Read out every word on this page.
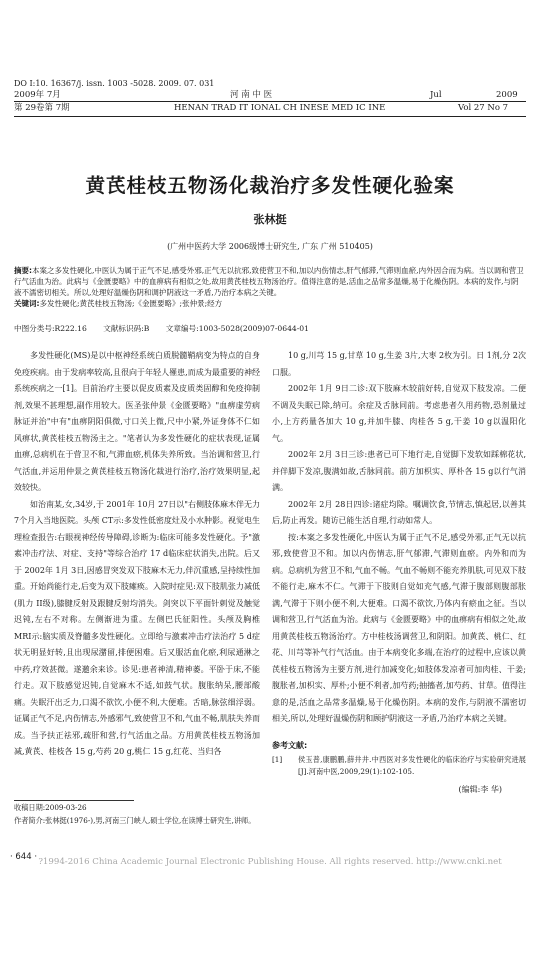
DO I:10. 16367/j. issn. 1003 -5028. 2009. 07. 031
2009年 7月	河 南 中 医	Jul	2009
第 29卷第 7期	HENAN TRAD IT IONAL CH INESE MED IC INE	Vol 27 No 7
黄芪桂枝五物汤化裁治疗多发性硬化验案
张林挺
(广州中医药大学 2006级博士研究生, 广东 广州 510405)

摘要:本案之多发性硬化,中医认为属于正气不足,感受外邪,正气无以抗邪,致使营卫不和,加以内伤情志,肝气郁滞,气滞则血瘀,内外因合而为病。当以调和营卫行气活血为治。此病与《金匮要略》中的血痹病有相似之处,故用黄芪桂枝五物汤治疗。值得注意的是,活血之品常多温燥,易于化燥伤阴。本病的发作,与阴液不濡密切相关。所以,处理好温燥伤阴和调护阴液这一矛盾,乃治疗本病之关键。

关键词:多发性硬化;黄芪桂枝五物汤;《金匮要略》;张仲景;经方

中图分类号:R222.16 文献标识码:B 文章编号:1003-5028(2009)07-0644-01

多发性硬化(MS)是以中枢神经系统白质脱髓鞘病变为特点的自身免疫疾病。由于发病率较高,且很向于年轻人罹患,而成为最重要的神经系统疾病之一[1]。目前治疗主要以促皮质素及皮质类固醇和免疫抑制剂,效果不甚理想,副作用较大。医圣张仲景《金匮要略》"血痹虚劳病脉证并治"中有"血痹阴阳俱微,寸口关上微,尺中小紧,外证身体不仁如风痹状,黄芪桂枝五物汤主之。"笔者认为多发性硬化的症状表现,证属血痹,总病机在于营卫不和,气滞血瘀,机体失养所致。当治调和营卫,行气活血,并运用仲景之黄芪桂枝五物汤化裁进行治疗,治疗效果明显,起效较快。

如治南某,女,34岁,于 2001年 10月 27日以"右侧肢体麻木伴无力 7个月入当地医院。头颅 CT示:多发性低密度灶及小水肿影。视觉电生理检查报告:右眼视神经传导障碍,诊断为:临床可能多发性硬化。予"激素冲击疗法、对症、支持"等综合治疗 17 d临床症状消失,出院。后又于 2002年 1月 3日,因感冒突发双下肢麻木无力,伴沉重感,呈持续性加重。开始尚能行走,后变为双下肢瘫痪。入院时症见:双下肢肌张力减低(肌力 II级),膝腱反射及跟腱反射均消失。剑突以下平面针刺觉及触觉迟钝,左右不对称。左侧渐进为重。左侧巴氏征阳性。头颅及胸椎 MRI示:脑实质及脊髓多发性硬化。立即给与激素冲击疗法治疗 5 d症状无明显好转,且出现尿潴留,排便困难。后又服活血化瘀,利尿通淋之中药,疗效甚微。遂邀余来诊。诊见:患者神清,精神萎。平卧于床,不能行走。双下肢感觉迟钝,自觉麻木不适,如鼓气状。腹胀纳呆,腰部酸痛。失眠汗出乏力,口渴不欲饮,小便不利,大便难。舌暗,脉弦细浮弱。证属正气不足,内伤情志,外感邪气,致使营卫不和,气血不畅,肌肤失养而成。当予扶正祛邪,疏肝和营,行气活血之品。方用黄芪桂枝五物汤加减,黄芪、桂枝各 15 g,芍药 20 g,桃仁 15 g,红花、当归各

10 g,川芎 15 g,甘草 10 g,生姜 3片,大枣 2枚为引。日 1剂,分 2次口服。

2002年 1月 9日二诊:双下肢麻木较前好转,自觉双下肢发凉。二便不调及失眠已除,纳可。余症及舌脉同前。考虑患者久用药物,恐剂量过小,上方药量各加大 10 g,并加牛膝、肉桂各 5 g,干姜 10 g以温阳化气。

2002年 2月 3日三诊:患者已可下地行走,自觉脚下发软如踩棉花状,并伴脚下发凉,腹满如故,舌脉同前。前方加枳实、厚朴各 15 g以行气消满。

2002年 2月 28日四诊:诸症均除。嘱调饮食,节情志,慎起居,以善其后,防止再发。随访已能生活自理,行动如常人。

按:本案之多发性硬化,中医认为属于正气不足,感受外邪,正气无以抗邪,致使营卫不和。加以内伤情志,肝气郁滞,气滞则血瘀。内外和而为病。总病机为营卫不和,气血不畅。气血不畅则不能充养肌肤,可见双下肢不能行走,麻木不仁。气滞于下肢则自觉如充气感,气滞于腹部则腹部胀满,气滞于下则小便不利,大便难。口渴不欲饮,乃体内有瘀血之征。当以调和营卫,行气活血为治。此病与《金匮要略》中的血痹病有相似之处,故用黄芪桂枝五物汤治疗。方中桂枝汤调营卫,和阴阳。加黄芪、桃仁、红花、川芎等补气行气活血。由于本病变化多端,在治疗的过程中,应该以黄芪桂枝五物汤为主要方剂,进行加减变化;如肢体发凉者可加肉桂、干姜;腹胀者,加枳实、厚朴;小便不利者,加芍药;抽搐者,加芍药、甘草。值得注意的是,活血之品常多温燥,易于化燥伤阴。本病的发作,与阴液不濡密切相关,所以,处理好温燥伤阴和顾护阴液这一矛盾,乃治疗本病之关键。

参考文献:

[1] 侯玉普,康鹏鹏,薛井井.中西医对多发性硬化的临床治疗与实验研究进展[J].河南中医,2009,29(1):102-105.

(编辑:李 华)

收稿日期:2009-03-26

作者简介:张林挺(1976-),男,河南三门峡人,硕士学位,在读博士研究生,讲师。

· 644 · ?1994-2016 China Academic Journal Electronic Publishing House. All rights reserved. http://www.cnki.net
